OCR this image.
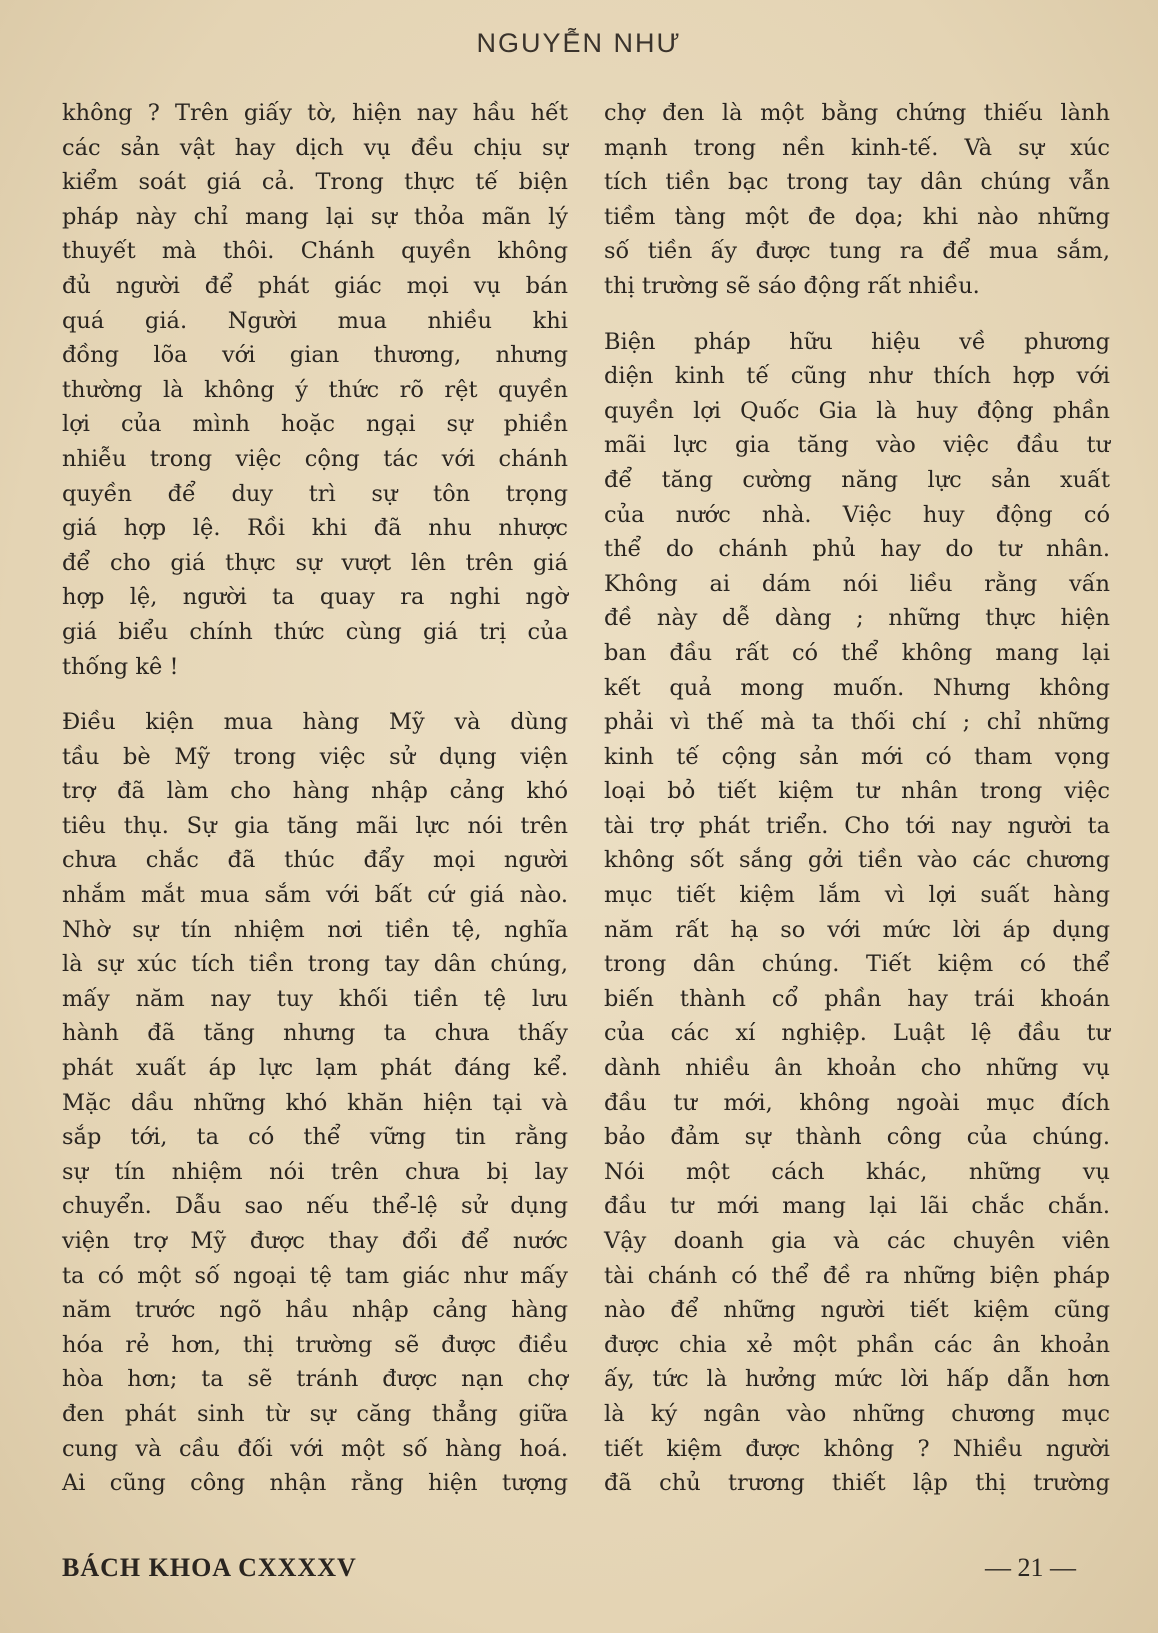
NGUYỄN NHƯ

không ? Trên giấy tờ, hiện nay hầu hết
các sản vật hay dịch vụ đều chịu sự
kiểm soát giá cả. Trong thực tế biện
pháp này chỉ mang lại sự thỏa mãn lý
thuyết mà thôi. Chánh quyền không
đủ người để phát giác mọi vụ bán
quá giá. Người mua nhiều khi
đồng lõa với gian thương, nhưng
thường là không ý thức rõ rệt quyền
lợi của mình hoặc ngại sự phiền
nhiễu trong việc cộng tác với chánh
quyền để duy trì sự tôn trọng
giá hợp lệ. Rồi khi đã nhu nhược
để cho giá thực sự vượt lên trên giá
hợp lệ, người ta quay ra nghi ngờ
giá biểu chính thức cùng giá trị của
thống kê !

Điều kiện mua hàng Mỹ và dùng
tầu bè Mỹ trong việc sử dụng viện
trợ đã làm cho hàng nhập cảng khó
tiêu thụ. Sự gia tăng mãi lực nói trên
chưa chắc đã thúc đẩy mọi người
nhắm mắt mua sắm với bất cứ giá nào.
Nhờ sự tín nhiệm nơi tiền tệ, nghĩa
là sự xúc tích tiền trong tay dân chúng,
mấy năm nay tuy khối tiền tệ lưu
hành đã tăng nhưng ta chưa thấy
phát xuất áp lực lạm phát đáng kể.
Mặc dầu những khó khăn hiện tại và
sắp tới, ta có thể vững tin rằng
sự tín nhiệm nói trên chưa bị lay
chuyển. Dẫu sao nếu thể-lệ sử dụng
viện trợ Mỹ được thay đổi để nước
ta có một số ngoại tệ tam giác như mấy
năm trước ngõ hầu nhập cảng hàng
hóa rẻ hơn, thị trường sẽ được điều
hòa hơn; ta sẽ tránh được nạn chợ
đen phát sinh từ sự căng thẳng giữa
cung và cầu đối với một số hàng hoá.
Ai cũng công nhận rằng hiện tượng

chợ đen là một bằng chứng thiếu lành
mạnh trong nền kinh-tế. Và sự xúc
tích tiền bạc trong tay dân chúng vẫn
tiềm tàng một đe dọa; khi nào những
số tiền ấy được tung ra để mua sắm,
thị trường sẽ sáo động rất nhiều.

Biện pháp hữu hiệu về phương
diện kinh tế cũng như thích hợp với
quyền lợi Quốc Gia là huy động phần
mãi lực gia tăng vào việc đầu tư
để tăng cường năng lực sản xuất
của nước nhà. Việc huy động có
thể do chánh phủ hay do tư nhân.
Không ai dám nói liều rằng vấn
đề này dễ dàng ; những thực hiện
ban đầu rất có thể không mang lại
kết quả mong muốn. Nhưng không
phải vì thế mà ta thối chí ; chỉ những
kinh tế cộng sản mới có tham vọng
loại bỏ tiết kiệm tư nhân trong việc
tài trợ phát triển. Cho tới nay người ta
không sốt sắng gởi tiền vào các chương
mục tiết kiệm lắm vì lợi suất hàng
năm rất hạ so với mức lời áp dụng
trong dân chúng. Tiết kiệm có thể
biến thành cổ phần hay trái khoán
của các xí nghiệp. Luật lệ đầu tư
dành nhiều ân khoản cho những vụ
đầu tư mới, không ngoài mục đích
bảo đảm sự thành công của chúng.
Nói một cách khác, những vụ
đầu tư mới mang lại lãi chắc chắn.
Vậy doanh gia và các chuyên viên
tài chánh có thể đề ra những biện pháp
nào để những người tiết kiệm cũng
được chia xẻ một phần các ân khoản
ấy, tức là hưởng mức lời hấp dẫn hơn
là ký ngân vào những chương mục
tiết kiệm được không ? Nhiều người
đã chủ trương thiết lập thị trường

BÁCH KHOA CXXXXV	— 21 —
